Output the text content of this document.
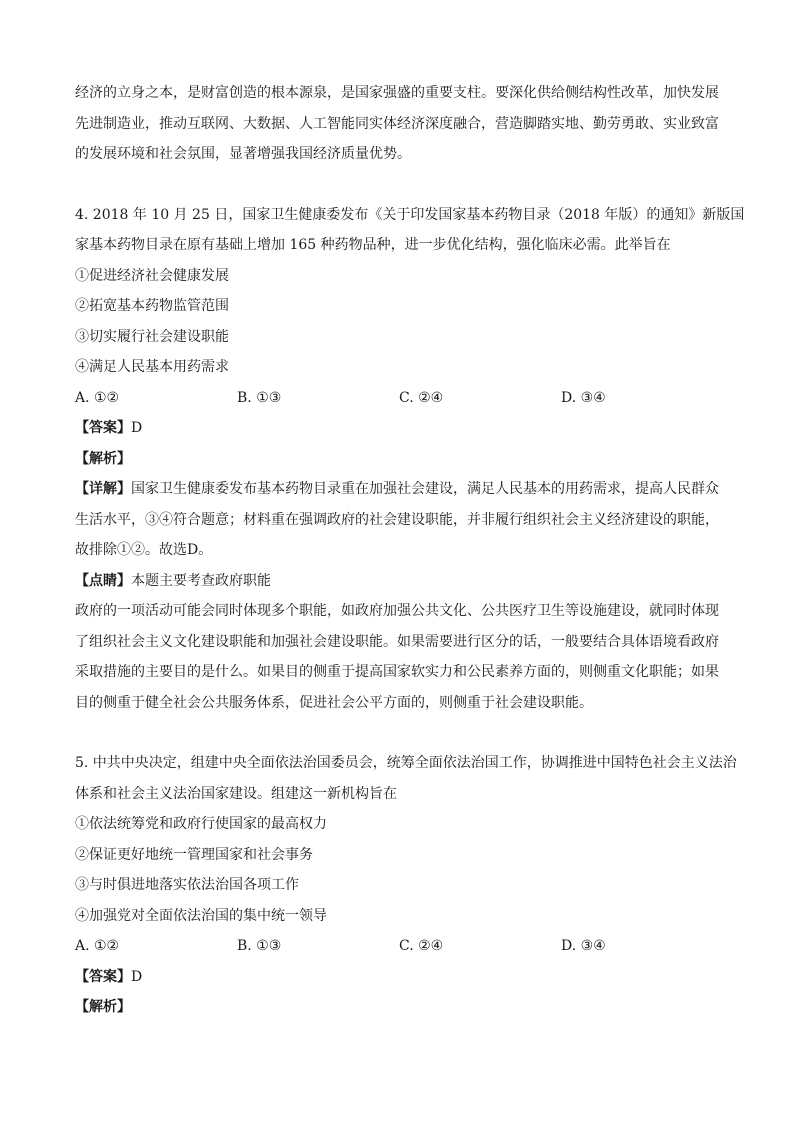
经济的立身之本，是财富创造的根本源泉，是国家强盛的重要支柱。要深化供给侧结构性改革，加快发展
先进制造业，推动互联网、大数据、人工智能同实体经济深度融合，营造脚踏实地、勤劳勇敢、实业致富
的发展环境和社会氛围，显著增强我国经济质量优势。
4. 2018 年 10 月 25 日，国家卫生健康委发布《关于印发国家基本药物目录（2018 年版）的通知》新版国
家基本药物目录在原有基础上增加 165 种药物品种，进一步优化结构，强化临床必需。此举旨在
①促进经济社会健康发展
②拓宽基本药物监管范围
③切实履行社会建设职能
④满足人民基本用药需求
A. ①②	B. ①③	C. ②④	D. ③④
【答案】D
【解析】
【详解】国家卫生健康委发布基本药物目录重在加强社会建设，满足人民基本的用药需求，提高人民群众
生活水平，③④符合题意；材料重在强调政府的社会建设职能，并非履行组织社会主义经济建设的职能，
故排除①②。故选D。
【点睛】本题主要考查政府职能
政府的一项活动可能会同时体现多个职能，如政府加强公共文化、公共医疗卫生等设施建设，就同时体现
了组织社会主义文化建设职能和加强社会建设职能。如果需要进行区分的话，一般要结合具体语境看政府
采取措施的主要目的是什么。如果目的侧重于提高国家软实力和公民素养方面的，则侧重文化职能；如果
目的侧重于健全社会公共服务体系，促进社会公平方面的，则侧重于社会建设职能。
5. 中共中央决定，组建中央全面依法治国委员会，统筹全面依法治国工作，协调推进中国特色社会主义法治
体系和社会主义法治国家建设。组建这一新机构旨在
①依法统筹党和政府行使国家的最高权力
②保证更好地统一管理国家和社会事务
③与时俱进地落实依法治国各项工作
④加强党对全面依法治国的集中统一领导
A. ①②	B. ①③	C. ②④	D. ③④
【答案】D
【解析】
